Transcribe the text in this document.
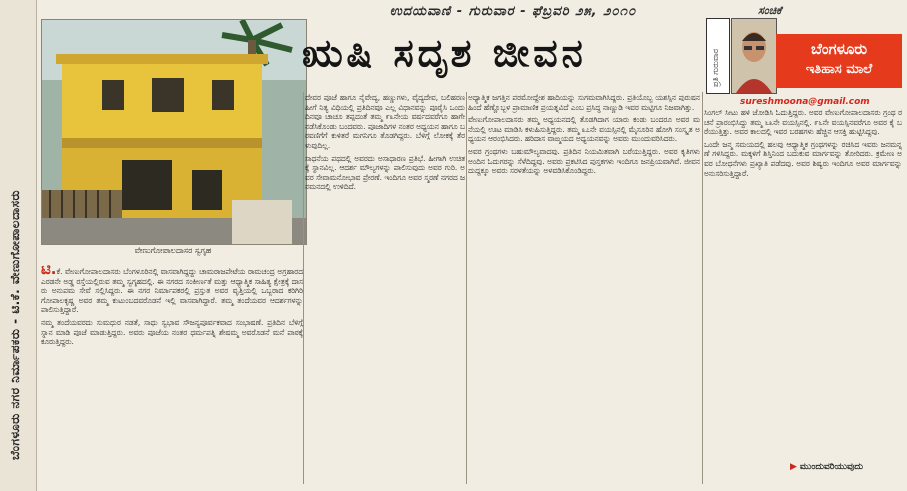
ಬೆಂಗಳೂರು ನಗರ ನಿರ್ಮಾಪಕರು - ಟಿ.ಕೆ. ವೇಣುಗೋಪಾಲದಾಸರು	ವೇಣುಗೋಪಾಲದಾಸರ ಸ್ವಗೃಹ
ಉದಯವಾಣಿ - ಗುರುವಾರ - ಫೆಬ್ರವರಿ ೨೫, ೨೦೧೦
ಋಷಿ ಸದೃಶ ಜೀವನ
ಸಂಚಿಕೆ
ಪ್ರತಿ ಗುರುವಾರ	ಬೆಂಗಳೂರು
ಇತಿಹಾಸ ಮಾಲೆ
sureshmoona@gmail.com

ಟಿ.ಕೆ. ವೇಣುಗೋಪಾಲದಾಸರು ಬೆಂಗಳೂರಿನಲ್ಲಿ ವಾಸವಾಗಿದ್ದದ್ದು ಚಾಮರಾಜಪೇಟೆಯ ರಾಮಚಂದ್ರ ಅಗ್ರಹಾರದ ಎರಡನೇ ಅಡ್ಡ ರಸ್ತೆಯಲ್ಲಿರುವ ತಮ್ಮ ಸ್ವಗೃಹದಲ್ಲಿ. ಈ ನಗರದ ಸಂಕೀರ್ಣತೆ ಮತ್ತು ಆಧ್ಯಾತ್ಮಿಕ ಸಾಹಿತ್ಯ ಕ್ಷೇತ್ರಕ್ಕೆ ದಾಸರು ಅನುಪಮ ಸೇವೆ ಸಲ್ಲಿಸಿದ್ದರು. ಈ ನಗರ ನಿರ್ಮಾಪಕರಲ್ಲಿ ಪ್ರಸ್ತುತ ಅವರ ವೃತ್ತಿಯಲ್ಲಿ ಒಬ್ಬರಾದ ಕರಿಗಿರಿ ಗೋಪಾಲಕೃಷ್ಣ ಅವರ ತಮ್ಮ ಕುಟುಂಬದವರೊಡನೆ ಇಲ್ಲಿ ವಾಸವಾಗಿದ್ದಾರೆ. ತಮ್ಮ ತಂದೆಯವರ ಆದರ್ಶಗಳನ್ನು ಪಾಲಿಸುತ್ತಿದ್ದಾರೆ.

ನಮ್ಮ ತಂದೆಯವರದು ಸುಮಧುರ ನಡತೆ, ಸಾಧು ಸ್ವಭಾವ ಸೌಜನ್ಯಪೂರ್ವಕವಾದ ಸಂಭಾಷಣೆ. ಪ್ರತಿದಿನ ಬೆಳಿಗ್ಗೆ ಸ್ನಾನ ಮಾಡಿ ಪೂಜೆ ಮಾಡುತ್ತಿದ್ದರು. ಅವರು ಪೂಜೆಯ ನಂತರ ಧರ್ಮಪತ್ನಿ ಶೇಷಮ್ಮ ಅವರೊಡನೆ ಮನೆ ಪಾಠಕ್ಕೆ ಕೂರುತ್ತಿದ್ದರು.

ದೇವರ ಪೂಜೆ ಹಾಗೂ ನೈವೇದ್ಯ, ಹಣ್ಣುಗಳು, ವೈದ್ಯದೇವ, ಬಲಿಹರಣ ಹೀಗೆ ನಿತ್ಯ ವಿಧಿಯಲ್ಲಿ ಪ್ರತಿದಿನವೂ ಎಲ್ಲ ವಿಧಾನವನ್ನು ಪೂರೈಸಿ ಒಂದು ದಿನವೂ ಚಾಚೂ ತಪ್ಪದಂತೆ ತಮ್ಮ ೯೩ನೇಯ ವರ್ಷದವರೆಗೂ ಹಾಗೇ ನಡೆಸಿಕೊಂಡು ಬಂದವರು. ಪೂಜಾದಿಗಳ ನಂತರ ಅಧ್ಯಯನ ಹಾಗೂ ಬರವಣಿಗೆಗೆ ಕುಳಿತರೆ ಮಗನಿಗೂ ತೊಡಗಿದ್ದರು. ಬೆಳಿಗ್ಗೆ ಲೋಕಕ್ಕೆ ತೆರಳುವುದಿಲ್ಲ.

ಸಾಧನೆಯ ಪಥದಲ್ಲಿ ಅವರದು ಅಸಾಧಾರಣ ಪ್ರತಿಭೆ. ಹೀಗಾಗಿ ಉಚಿತಕ್ಕೆ ಸ್ಥಾನವಿಲ್ಲ. ಆದರ್ಶ ಮೌಲ್ಯಗಳನ್ನು ಪಾಲಿಸುವುದು ಅವರ ಗುರಿ. ಅವರ ಸೇವಾಮನೋಭಾವ ಪ್ರೇರಣೆ. ಇಂದಿಗೂ ಅವರ ಸ್ಮರಣೆ ನಗರದ ಜನಮನದಲ್ಲಿ ಉಳಿದಿದೆ.

ಅಧ್ಯಾತ್ಮಿಕ ಜಗತ್ತಿನ ಪರಮೋದ್ದೇಶ ಹಾದಿಯನ್ನು ಸುಗಮವಾಗಿಸಿದ್ದರು. ಪ್ರತಿಯೊಬ್ಬ ಯಶಸ್ಸಿನ ಪುರುಷನ ಹಿಂದೆ ಹೆಣ್ಣೊಬ್ಬಳ ಪ್ರಾಮಾಣಿಕ ಪ್ರಯತ್ನವಿದೆ ಎಂಬ ಪ್ರಸಿದ್ಧ ನಾಣ್ಣುಡಿ ಇವರ ಮಟ್ಟಿಗೂ ನಿಜವಾಗಿತ್ತು.

ವೇಣುಗೋಪಾಲದಾಸರು ತಮ್ಮ ಅಧ್ಯಯನದಲ್ಲಿ ತೊಡಗಿದಾಗ ಯಾರು ಕಂಡು ಬಂದರೂ ಅವರ ಮನೆಯಲ್ಲಿ ಊಟ ಮಾಡಿಸಿ ಕಳುಹಿಸುತ್ತಿದ್ದರು. ತಮ್ಮ ೩೭ನೇ ವಯಸ್ಸಿನಲ್ಲಿ ಮೈಸೂರಿನ ಹೋಗಿ ಸಂಸ್ಕೃತ ಅಧ್ಯಯನ ಆರಂಭಿಸಿದರು. ಹರಿದಾಸ ವಾಙ್ಮಯದ ಅಧ್ಯಯನವನ್ನು ಅವರು ಮುಂದುವರಿಸಿದರು.

ಅವರ ಗ್ರಂಥಗಳು ಬಹುಮೌಲ್ಯವಾದವು. ಪ್ರತಿದಿನ ನಿಯಮಿತವಾಗಿ ಬರೆಯುತ್ತಿದ್ದರು. ಅವರ ಕೃತಿಗಳು ಅಂದಿನ ಓದುಗರನ್ನು ಸೆಳೆದಿದ್ದವು. ಅವರು ಪ್ರಕಟಿಸಿದ ಪುಸ್ತಕಗಳು ಇಂದಿಗೂ ಜನಪ್ರಿಯವಾಗಿವೆ. ಜೀವನದುದ್ದಕ್ಕೂ ಅವರು ಸರಳತೆಯನ್ನು ಅಳವಡಿಸಿಕೊಂಡಿದ್ದರು.

ಸಿಂಗಲ್ ಸೀಟು ಹಳಿ ಜೋಡಿಸಿ ಓದುತ್ತಿದ್ದರು. ಅವರ ವೇಣುಗೋಪಾಲದಾಸರು ಗ್ರಂಥ ರಚನೆ ಪ್ರಾರಂಭಿಸಿದ್ದು ತಮ್ಮ ೬೩ನೇ ವಯಸ್ಸಿನಲ್ಲಿ. ೯೬ನೇ ವಯಸ್ಸಿನವರೆಗೂ ಅವರ ಕೈ ಬರೆಯುತ್ತಿತ್ತು. ಅವರ ಕಾಲದಲ್ಲಿ ಇವರ ಬರಹಗಳು ಹೆಚ್ಚಿನ ಆಸಕ್ತಿ ಹುಟ್ಟಿಸಿದ್ದವು.

ಒಂದೇ ಜನ್ಮ ಸಮಯದಲ್ಲಿ ಹಲವು ಆಧ್ಯಾತ್ಮಿಕ ಗ್ರಂಥಗಳನ್ನು ರಚಿಸಿದ ಇವರು ಜನಮನ್ನಣೆ ಗಳಿಸಿದ್ದರು. ಮಕ್ಕಳಿಗೆ ಶಿಸ್ತಿನಿಂದ ಬದುಕುವ ಮಾರ್ಗವನ್ನು ತೋರಿದರು. ಕ್ರಮೇಣ ಅವರ ಬೋಧನೆಗಳು ಪ್ರಖ್ಯಾತಿ ಪಡೆದವು. ಅವರ ಶಿಷ್ಯರು ಇಂದಿಗೂ ಅವರ ಮಾರ್ಗವನ್ನು ಅನುಸರಿಸುತ್ತಿದ್ದಾರೆ.

▶ ಮುಂದುವರಿಯುವುದು
